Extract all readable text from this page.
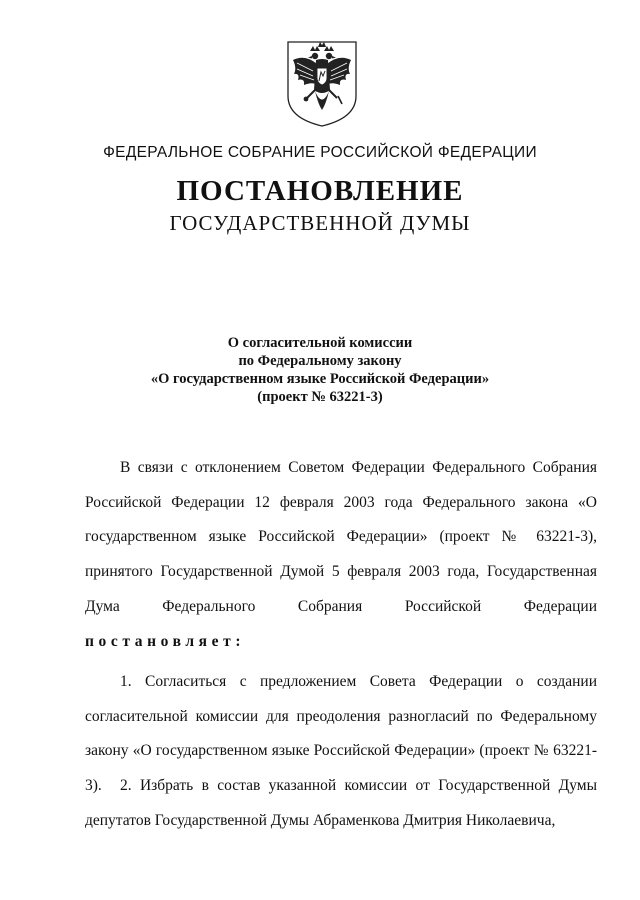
ФЕДЕРАЛЬНОЕ СОБРАНИЕ РОССИЙСКОЙ ФЕДЕРАЦИИ
ПОСТАНОВЛЕНИЕ
ГОСУДАРСТВЕННОЙ ДУМЫ
О согласительной комиссии
по Федеральному закону
«О государственном языке Российской Федерации»
(проект № 63221-3)
В связи с отклонением Советом Федерации Федерального Собрания Российской Федерации 12 февраля 2003 года Федерального закона «О государственном языке Российской Федерации» (проект № 63221-3), принятого Государственной Думой 5 февраля 2003 года, Государственная Дума Федерального Собрания Российской Федерации постановляет:
1. Согласиться с предложением Совета Федерации о создании согласительной комиссии для преодоления разногласий по Федеральному закону «О государственном языке Российской Федерации» (проект № 63221-3).	2. Избрать в состав указанной комиссии от Государственной Думы депутатов Государственной Думы Абраменкова Дмитрия Николаевича,
